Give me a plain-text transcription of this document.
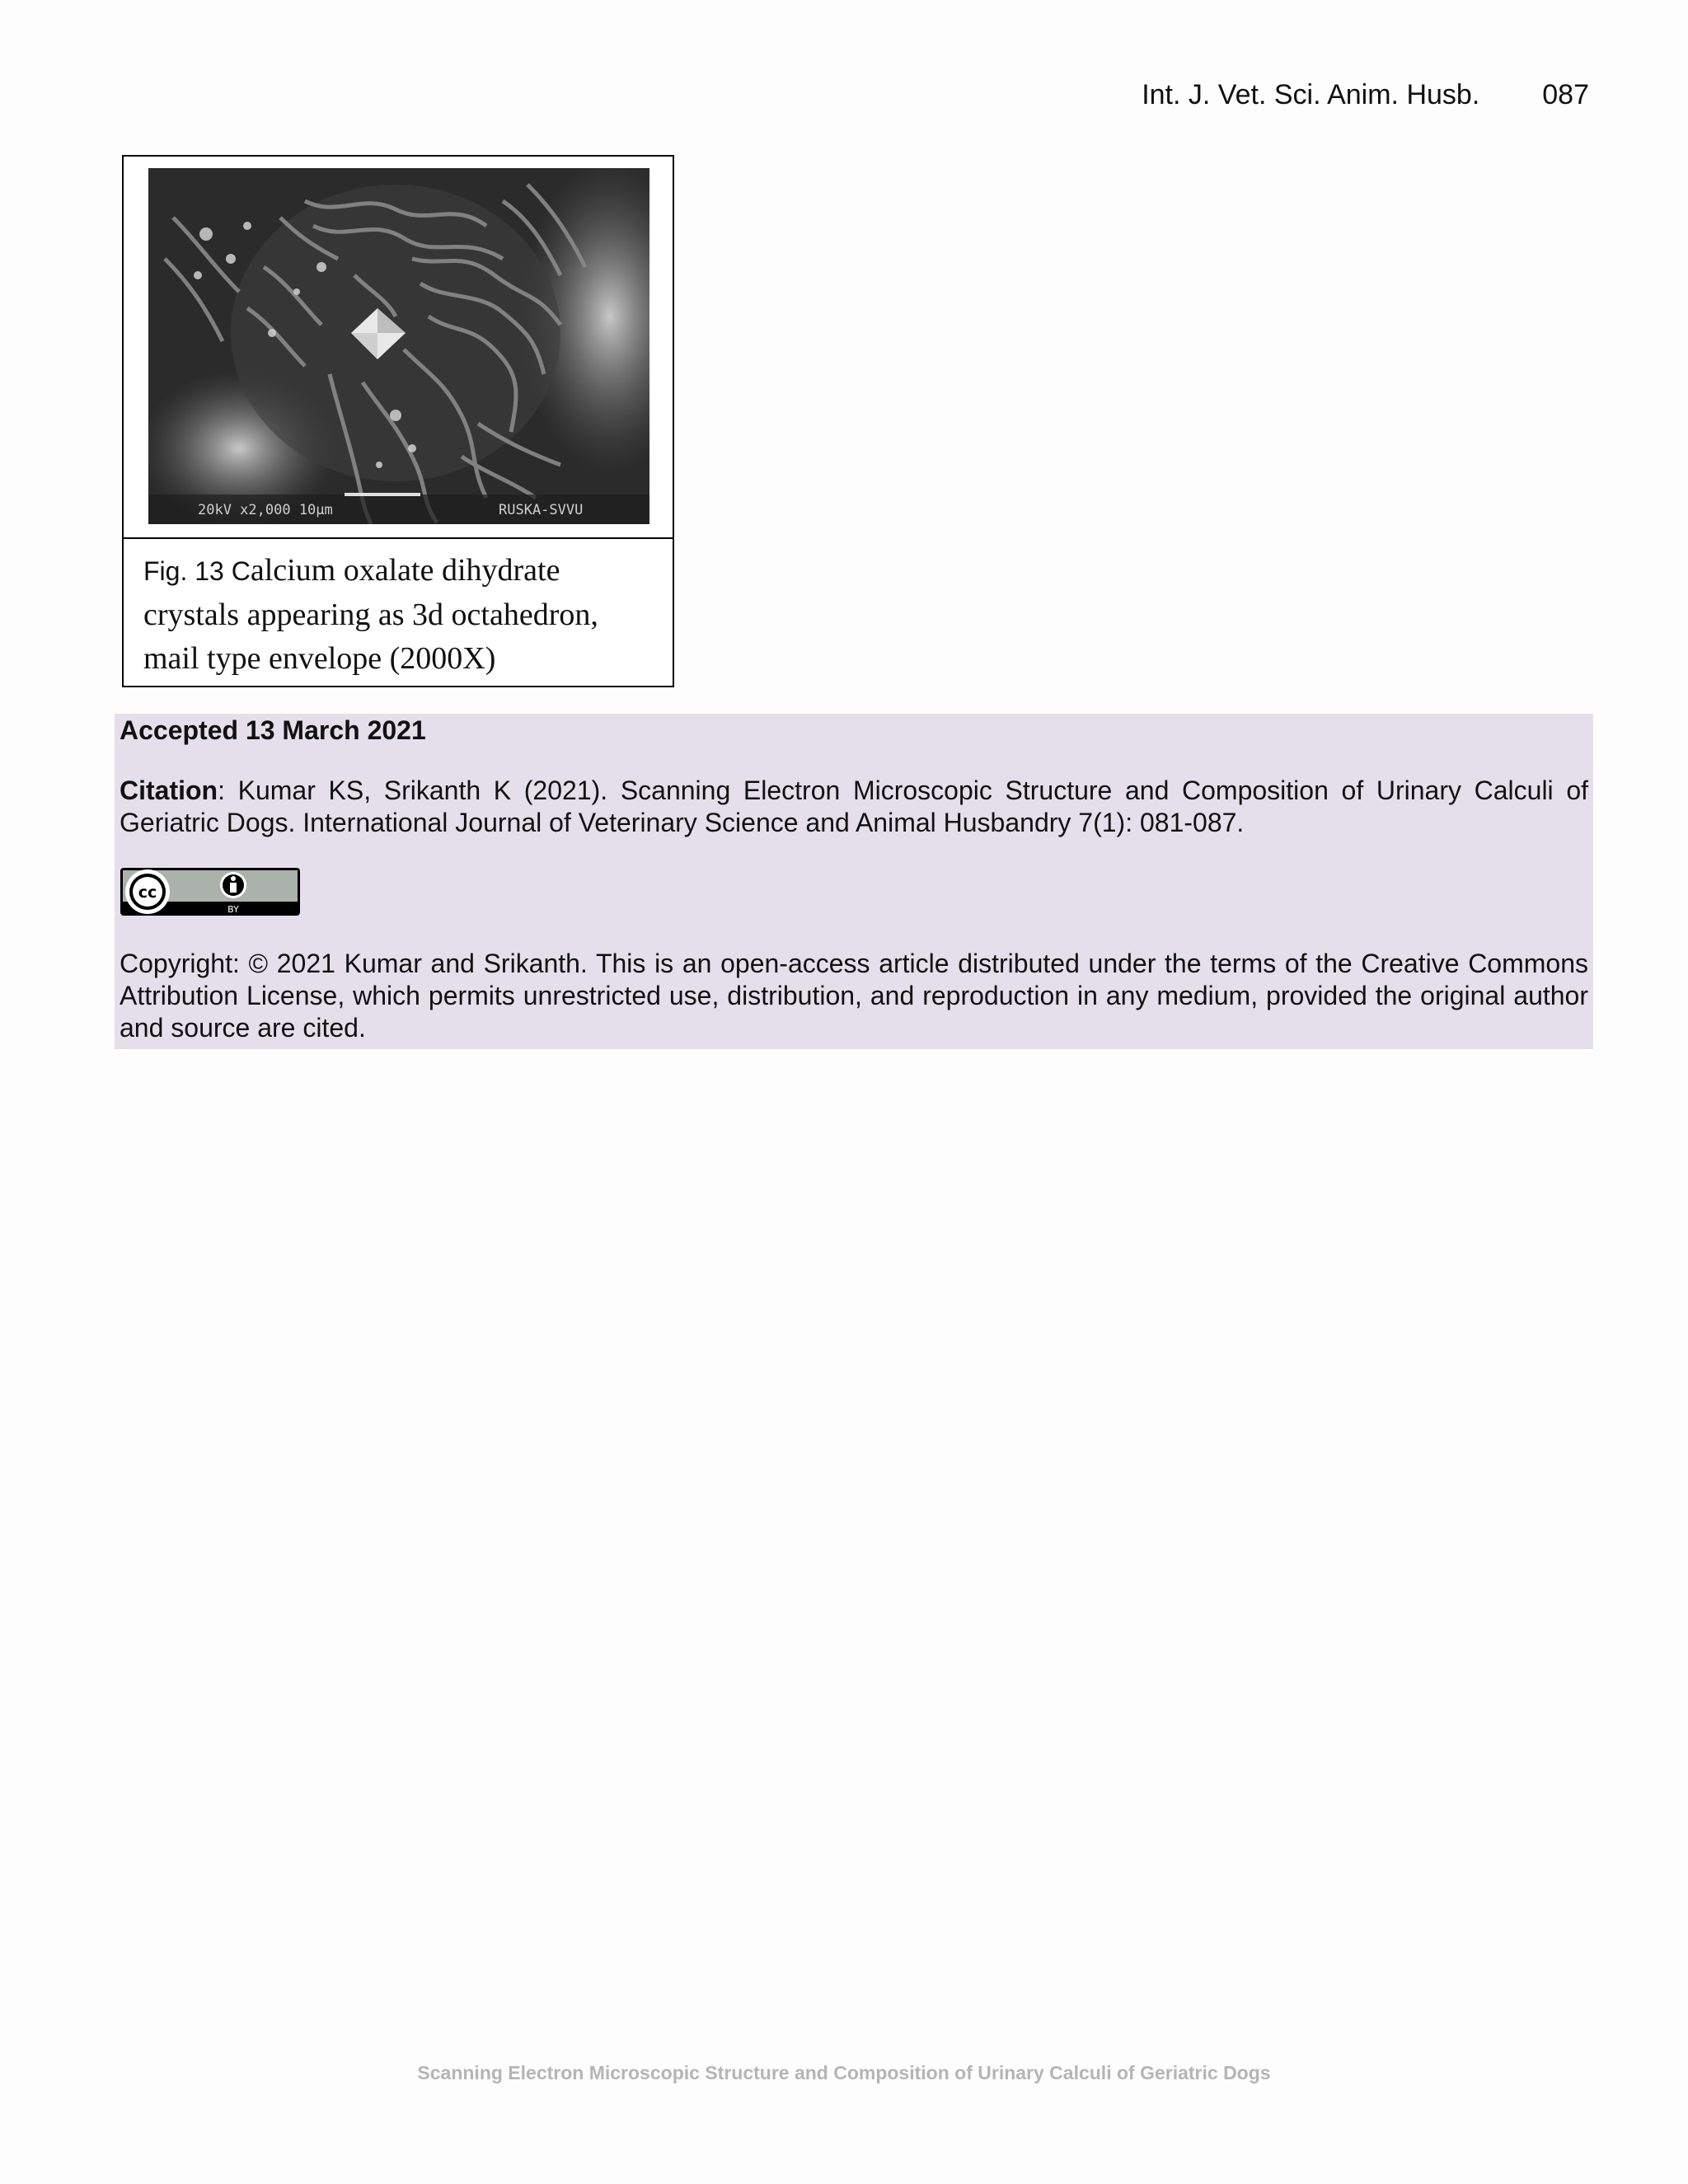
Int. J. Vet. Sci. Anim. Husb. 087
20kV x2,000 10μm	RUSKA-SVVU
Fig. 13 Calcium oxalate dihydrate
crystals appearing as 3d octahedron,
mail type envelope (2000X)
Accepted 13 March 2021
Citation: Kumar KS, Srikanth K (2021). Scanning Electron Microscopic Structure and Composition of Urinary Calculi of Geriatric Dogs. International Journal of Veterinary Science and Animal Husbandry 7(1): 081-087.
cc
BY
Copyright: © 2021 Kumar and Srikanth. This is an open-access article distributed under the terms of the Creative Commons Attribution License, which permits unrestricted use, distribution, and reproduction in any medium, provided the original author and source are cited.
Scanning Electron Microscopic Structure and Composition of Urinary Calculi of Geriatric Dogs
